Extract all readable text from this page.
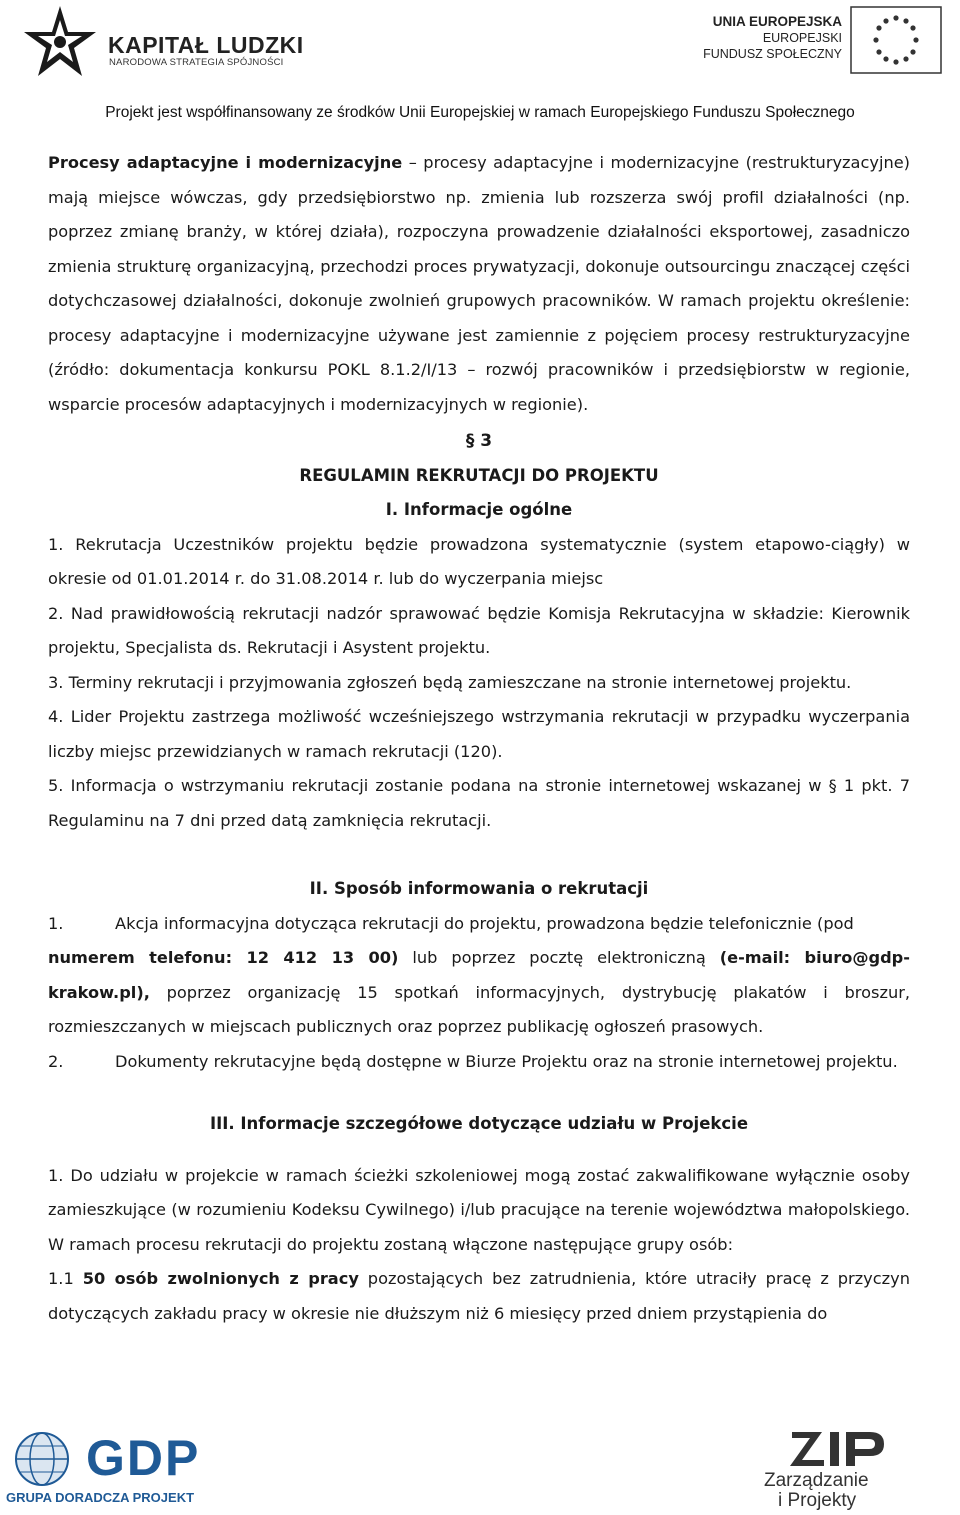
KAPITAŁ LUDZKI
NARODOWA STRATEGIA SPÓJNOŚCI
UNIA EUROPEJSKA
EUROPEJSKI
FUNDUSZ SPOŁECZNY
Projekt jest współfinansowany ze środków Unii Europejskiej w ramach Europejskiego Funduszu Społecznego

Procesy adaptacyjne i modernizacyjne – procesy adaptacyjne i modernizacyjne (restrukturyzacyjne) mają miejsce wówczas, gdy przedsiębiorstwo np. zmienia lub rozszerza swój profil działalności (np. poprzez zmianę branży, w której działa), rozpoczyna prowadzenie działalności eksportowej, zasadniczo zmienia strukturę organizacyjną, przechodzi proces prywatyzacji, dokonuje outsourcingu znaczącej części dotychczasowej działalności, dokonuje zwolnień grupowych pracowników. W ramach projektu określenie: procesy adaptacyjne i modernizacyjne używane jest zamiennie z pojęciem procesy restrukturyzacyjne (źródło: dokumentacja konkursu POKL 8.1.2/I/13 – rozwój pracowników i przedsiębiorstw w regionie, wsparcie procesów adaptacyjnych i modernizacyjnych w regionie).

§ 3

REGULAMIN REKRUTACJI DO PROJEKTU

I. Informacje ogólne

1. Rekrutacja Uczestników projektu będzie prowadzona systematycznie (system etapowo-ciągły) w okresie od 01.01.2014 r. do 31.08.2014 r. lub do wyczerpania miejsc

2. Nad prawidłowością rekrutacji nadzór sprawować będzie Komisja Rekrutacyjna w składzie: Kierownik projektu, Specjalista ds. Rekrutacji i Asystent projektu.

3. Terminy rekrutacji i przyjmowania zgłoszeń będą zamieszczane na stronie internetowej projektu.

4. Lider Projektu zastrzega możliwość wcześniejszego wstrzymania rekrutacji w przypadku wyczerpania liczby miejsc przewidzianych w ramach rekrutacji (120).

5. Informacja o wstrzymaniu rekrutacji zostanie podana na stronie internetowej wskazanej w § 1 pkt. 7 Regulaminu na 7 dni przed datą zamknięcia rekrutacji.

II. Sposób informowania o rekrutacji

1.	Akcja informacyjna dotycząca rekrutacji do projektu, prowadzona będzie telefonicznie (pod

numerem telefonu: 12 412 13 00) lub poprzez pocztę elektroniczną (e-mail: biuro@gdp-krakow.pl), poprzez organizację 15 spotkań informacyjnych, dystrybucję plakatów i broszur, rozmieszczanych w miejscach publicznych oraz poprzez publikację ogłoszeń prasowych.

2.	Dokumenty rekrutacyjne będą dostępne w Biurze Projektu oraz na stronie internetowej projektu.

III. Informacje szczegółowe dotyczące udziału w Projekcie

1. Do udziału w projekcie w ramach ścieżki szkoleniowej mogą zostać zakwalifikowane wyłącznie osoby zamieszkujące (w rozumieniu Kodeksu Cywilnego) i/lub pracujące na terenie województwa małopolskiego. W ramach procesu rekrutacji do projektu zostaną włączone następujące grupy osób:

1.1 50 osób zwolnionych z pracy pozostających bez zatrudnienia, które utraciły pracę z przyczyn dotyczących zakładu pracy w okresie nie dłuższym niż 6 miesięcy przed dniem przystąpienia do

GDP
GRUPA DORADCZA PROJEKT
Zarządzanie
i Projekty
